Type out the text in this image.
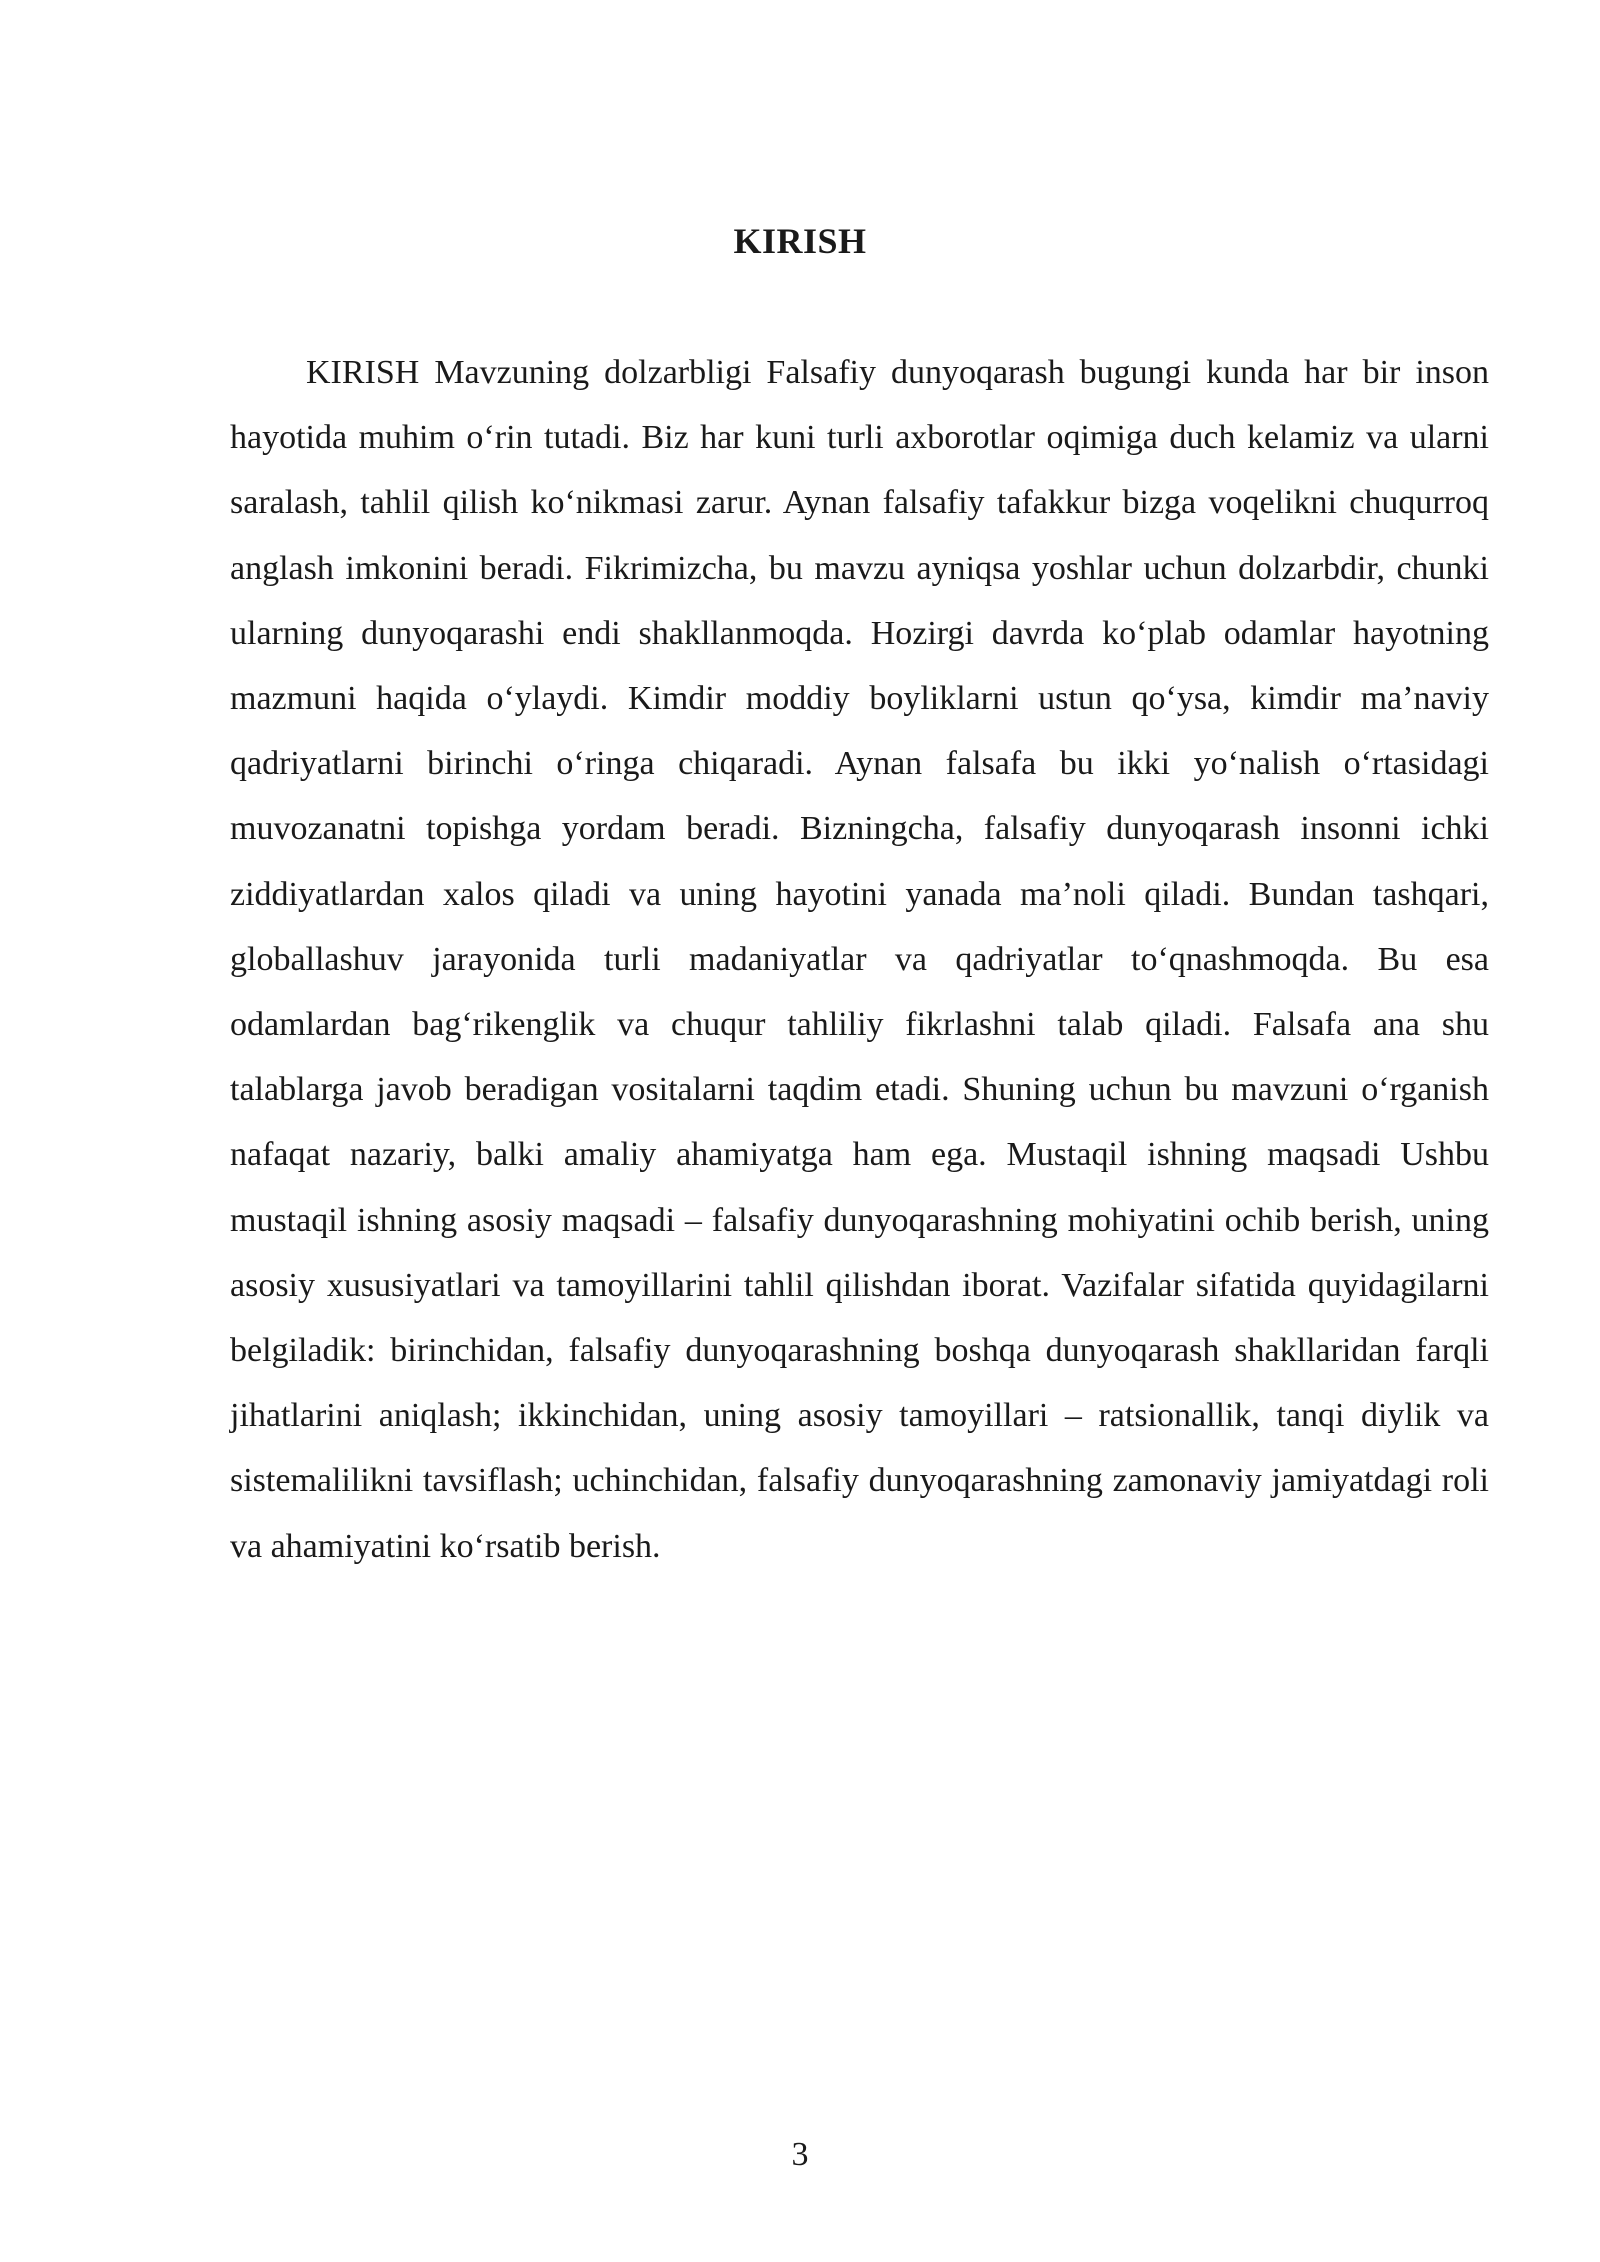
KIRISH

KIRISH Mavzuning dolzarbligi Falsafiy dunyoqarash bugungi kunda har bir inson hayotida muhim o‘rin tutadi. Biz har kuni turli axborotlar oqimiga duch kelamiz va ularni saralash, tahlil qilish ko‘nikmasi zarur. Aynan falsafiy tafakkur bizga voqelikni chuqurroq anglash imkonini beradi. Fikrimizcha, bu mavzu ayniqsa yoshlar uchun dolzarbdir, chunki ularning dunyoqarashi endi shakllanmoqda. Hozirgi davrda ko‘plab odamlar hayotning mazmuni haqida o‘ylaydi. Kimdir moddiy boyliklarni ustun qo‘ysa, kimdir ma’naviy qadriyatlarni birinchi o‘ringa chiqaradi. Aynan falsafa bu ikki yo‘nalish o‘rtasidagi muvozanatni topishga yordam beradi. Bizningcha, falsafiy dunyoqarash insonni ichki ziddiyatlardan xalos qiladi va uning hayotini yanada ma’noli qiladi. Bundan tashqari, globallashuv jarayonida turli madaniyatlar va qadriyatlar to‘qnashmoqda. Bu esa odamlardan bag‘rikenglik va chuqur tahliliy fikrlashni talab qiladi. Falsafa ana shu talablarga javob beradigan vositalarni taqdim etadi. Shuning uchun bu mavzuni o‘rganish nafaqat nazariy, balki amaliy ahamiyatga ham ega. Mustaqil ishning maqsadi Ushbu mustaqil ishning asosiy maqsadi – falsafiy dunyoqarashning mohiyatini ochib berish, uning asosiy xususiyatlari va tamoyillarini tahlil qilishdan iborat. Vazifalar sifatida quyidagilarni belgiladik: birinchidan, falsafiy dunyoqarashning boshqa dunyoqarash shakllaridan farqli jihatlarini aniqlash; ikkinchidan, uning asosiy tamoyillari – ratsionallik, tanqi diylik va sistemalilikni tavsiflash; uchinchidan, falsafiy dunyoqarashning zamonaviy jamiyatdagi roli va ahamiyatini ko‘rsatib berish.

3
